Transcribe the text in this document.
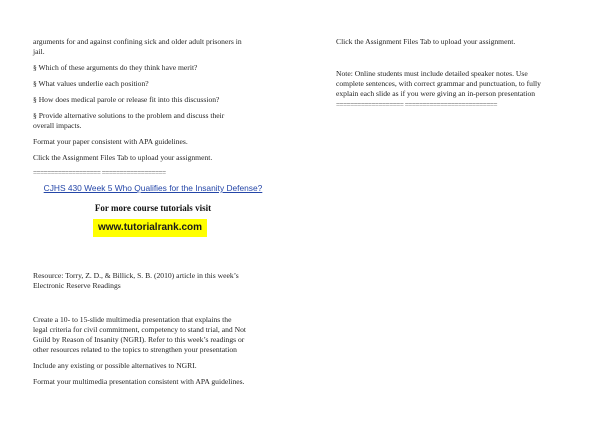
arguments for and against confining sick and older adult prisoners in

jail.

§ Which of these arguments do they think have merit?

§ What values underlie each position?

§ How does medical parole or release fit into this discussion?

§ Provide alternative solutions to the problem and discuss their

overall impacts.

Format your paper consistent with APA guidelines.

Click the Assignment Files Tab to upload your assignment.

=================== ==================
CJHS 430 Week 5 Who Qualifies for the Insanity Defense?
For more course tutorials visit
www.tutorialrank.com

Resource: Torry, Z. D., & Billick, S. B. (2010) article in this week’s

Electronic Reserve Readings

Create a 10- to 15-slide multimedia presentation that explains the

legal criteria for civil commitment, competency to stand trial, and Not

Guild by Reason of Insanity (NGRI). Refer to this week’s readings or

other resources related to the topics to strengthen your presentation

Include any existing or possible alternatives to NGRI.

Format your multimedia presentation consistent with APA guidelines.

Click the Assignment Files Tab to upload your assignment.

Note: Online students must include detailed speaker notes. Use

complete sentences, with correct grammar and punctuation, to fully

explain each slide as if you were giving an in-person presentation

=================== ==========================
